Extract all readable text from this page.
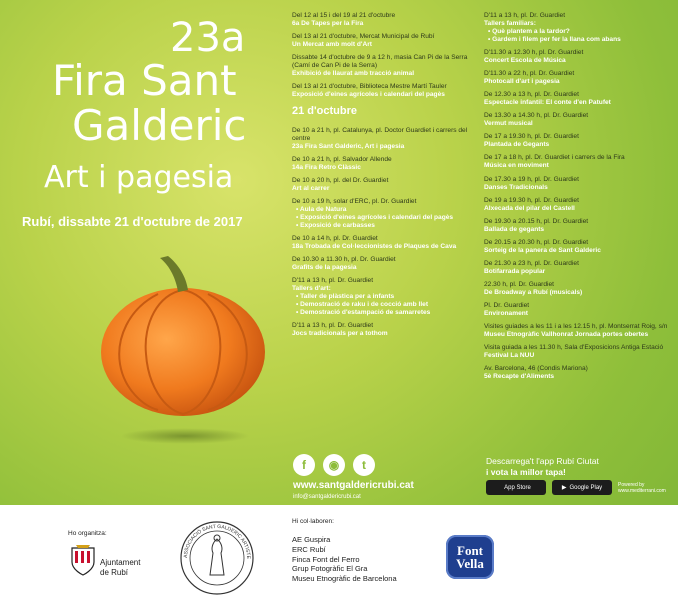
23a
Fira Sant
Galderic
Art i pagesia
Rubí, dissabte 21 d'octubre de 2017
Del 12 al 15 i del 19 al 21 d'octubre
6a De Tapes per la Fira
Del 13 al 21 d'octubre, Mercat Municipal de Rubí
Un Mercat amb molt d'Art
Dissabte 14 d'octubre de 9 a 12 h, masia Can Pi de la Serra (Camí de Can Pi de la Serra)
Exhibició de llaurat amb tracció animal
Del 13 al 21 d'octubre, Biblioteca Mestre Martí Tauler
Exposició d'eines agrícoles i calendari del pagès
21 d'octubre
De 10 a 21 h, pl. Catalunya, pl. Doctor Guardiet i carrers del centre
23a Fira Sant Galderic, Art i pagesia
De 10 a 21 h, pl. Salvador Allende
14a Fira Retro Clàssic
De 10 a 20 h, pl. del Dr. Guardiet
Art al carrer
De 10 a 19 h, solar d'ERC, pl. Dr. Guardiet
• Aula de Natura
• Exposició d'eines agrícoles i calendari del pagès
• Exposició de carbasses
De 10 a 14 h, pl. Dr. Guardiet
18a Trobada de Col·leccionistes de Plaques de Cava
De 10.30 a 11.30 h, pl. Dr. Guardiet
Grafits de la pagesia
D'11 a 13 h, pl. Dr. Guardiet
Tallers d'art:
• Taller de plàstica per a infants
• Demostració de raku i de cocció amb llet
• Demostració d'estampació de samarretes
D'11 a 13 h, pl. Dr. Guardiet
Jocs tradicionals per a tothom
D'11 a 13 h, pl. Dr. Guardiet
Tallers familiars:
• Què plantem a la tardor?
• Gardem i filem per fer la llana com abans
D'11.30 a 12.30 h, pl. Dr. Guardiet
Concert Escola de Música
D'11.30 a 22 h, pl. Dr. Guardiet
Photocall d'art i pagesia
De 12.30 a 13 h, pl. Dr. Guardiet
Espectacle infantil: El conte d'en Patufet
De 13.30 a 14.30 h, pl. Dr. Guardiet
Vermut musical
De 17 a 19.30 h, pl. Dr. Guardiet
Plantada de Gegants
De 17 a 18 h, pl. Dr. Guardiet i carrers de la Fira
Música en moviment
De 17.30 a 19 h, pl. Dr. Guardiet
Danses Tradicionals
De 19 a 19.30 h, pl. Dr. Guardiet
Alxecada del pilar del Castell
De 19.30 a 20.15 h, pl. Dr. Guardiet
Ballada de gegants
De 20.15 a 20.30 h, pl. Dr. Guardiet
Sorteig de la panera de Sant Galderic
De 21.30 a 23 h, pl. Dr. Guardiet
Botifarrada popular
22.30 h, pl. Dr. Guardiet
De Broadway a Rubí (musicals)
Pl. Dr. Guardiet
Environament
Visites guiades a les 11 i a les 12.15 h, pl. Montserrat Roig, s/n
Museu Etnogràfic Vallhonrat Jornada portes obertes
Visita guiada a les 11.30 h, Sala d'Exposicions Antiga Estació
Festival La NUU
Av. Barcelona, 46 (Condis Mariona)
5è Recapte d'Aliments
f	◉	t
www.santgaldericrubi.cat
info@santgaldericrubi.cat
Descarrega't l'app Rubí Ciutat
i vota la millor tapa!
App Store	▶ Google Play	Powered by www.mediterrani.com
Ho organitza:
Ajuntament
de Rubí
ASSOCIACIÓ SANT GALDERIC ARTISTE
Hi col·laboren:
AE Guspira
ERC Rubí
Finca Font del Ferro
Grup Fotogràfic El Gra
Museu Etnogràfic de Barcelona
Font
Vella
